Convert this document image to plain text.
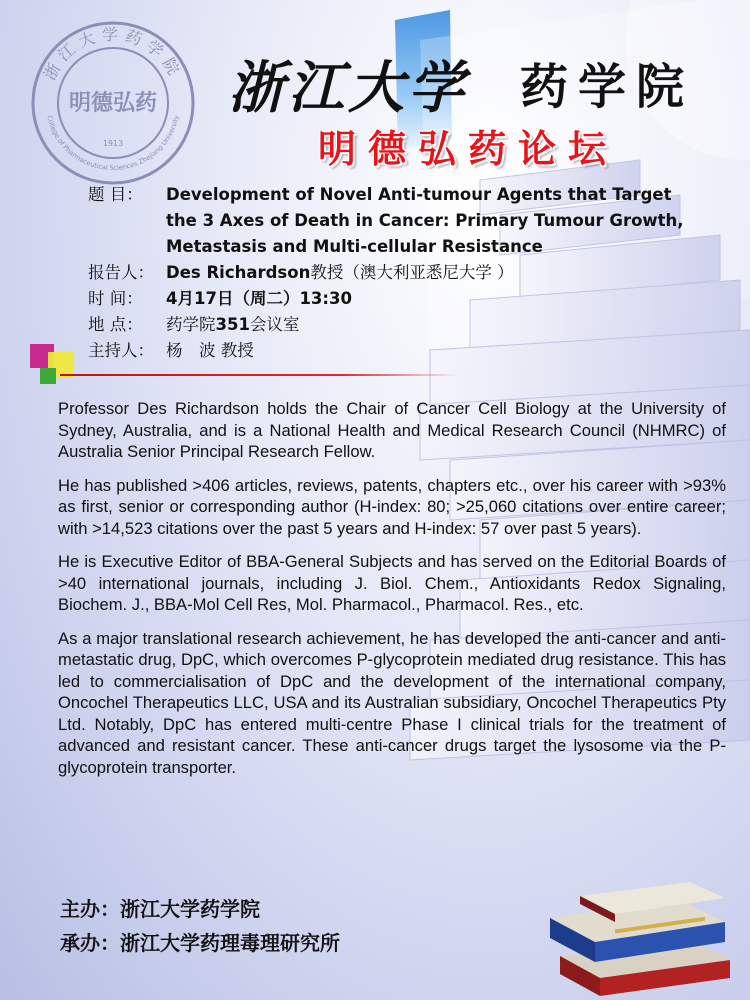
浙江大学药学院
College of Pharmaceutical Sciences Zhejiang University
明德弘药
1913
浙江大学 药学院
明德弘药论坛
题 目：	Development of Novel Anti-tumour Agents that Target the 3 Axes of Death in Cancer: Primary Tumour Growth, Metastasis and Multi-cellular Resistance
报告人： Des Richardson 教授（澳大利亚悉尼大学 ）
时 间：	4月17日（周二）13:30
地 点：	药学院 351 会议室
主持人： 杨　波 教授

Professor Des Richardson holds the Chair of Cancer Cell Biology at the University of Sydney, Australia, and is a National Health and Medical Research Council (NHMRC) of Australia Senior Principal Research Fellow.

He has published >406 articles, reviews, patents, chapters etc., over his career with >93% as first, senior or corresponding author (H-index: 80; >25,060 citations over entire career; with >14,523 citations over the past 5 years and H-index: 57 over past 5 years).

He is Executive Editor of BBA-General Subjects and has served on the Editorial Boards of >40 international journals, including J. Biol. Chem., Antioxidants Redox Signaling, Biochem. J., BBA-Mol Cell Res, Mol. Pharmacol., Pharmacol. Res., etc.

As a major translational research achievement, he has developed the anti-cancer and anti-metastatic drug, DpC, which overcomes P-glycoprotein mediated drug resistance. This has led to commercialisation of DpC and the development of the international company, Oncochel Therapeutics LLC, USA and its Australian subsidiary, Oncochel Therapeutics Pty Ltd. Notably, DpC has entered multi-centre Phase I clinical trials for the treatment of advanced and resistant cancer. These anti-cancer drugs target the lysosome via the P-glycoprotein transporter.

主办：浙江大学药学院
承办：浙江大学药理毒理研究所
